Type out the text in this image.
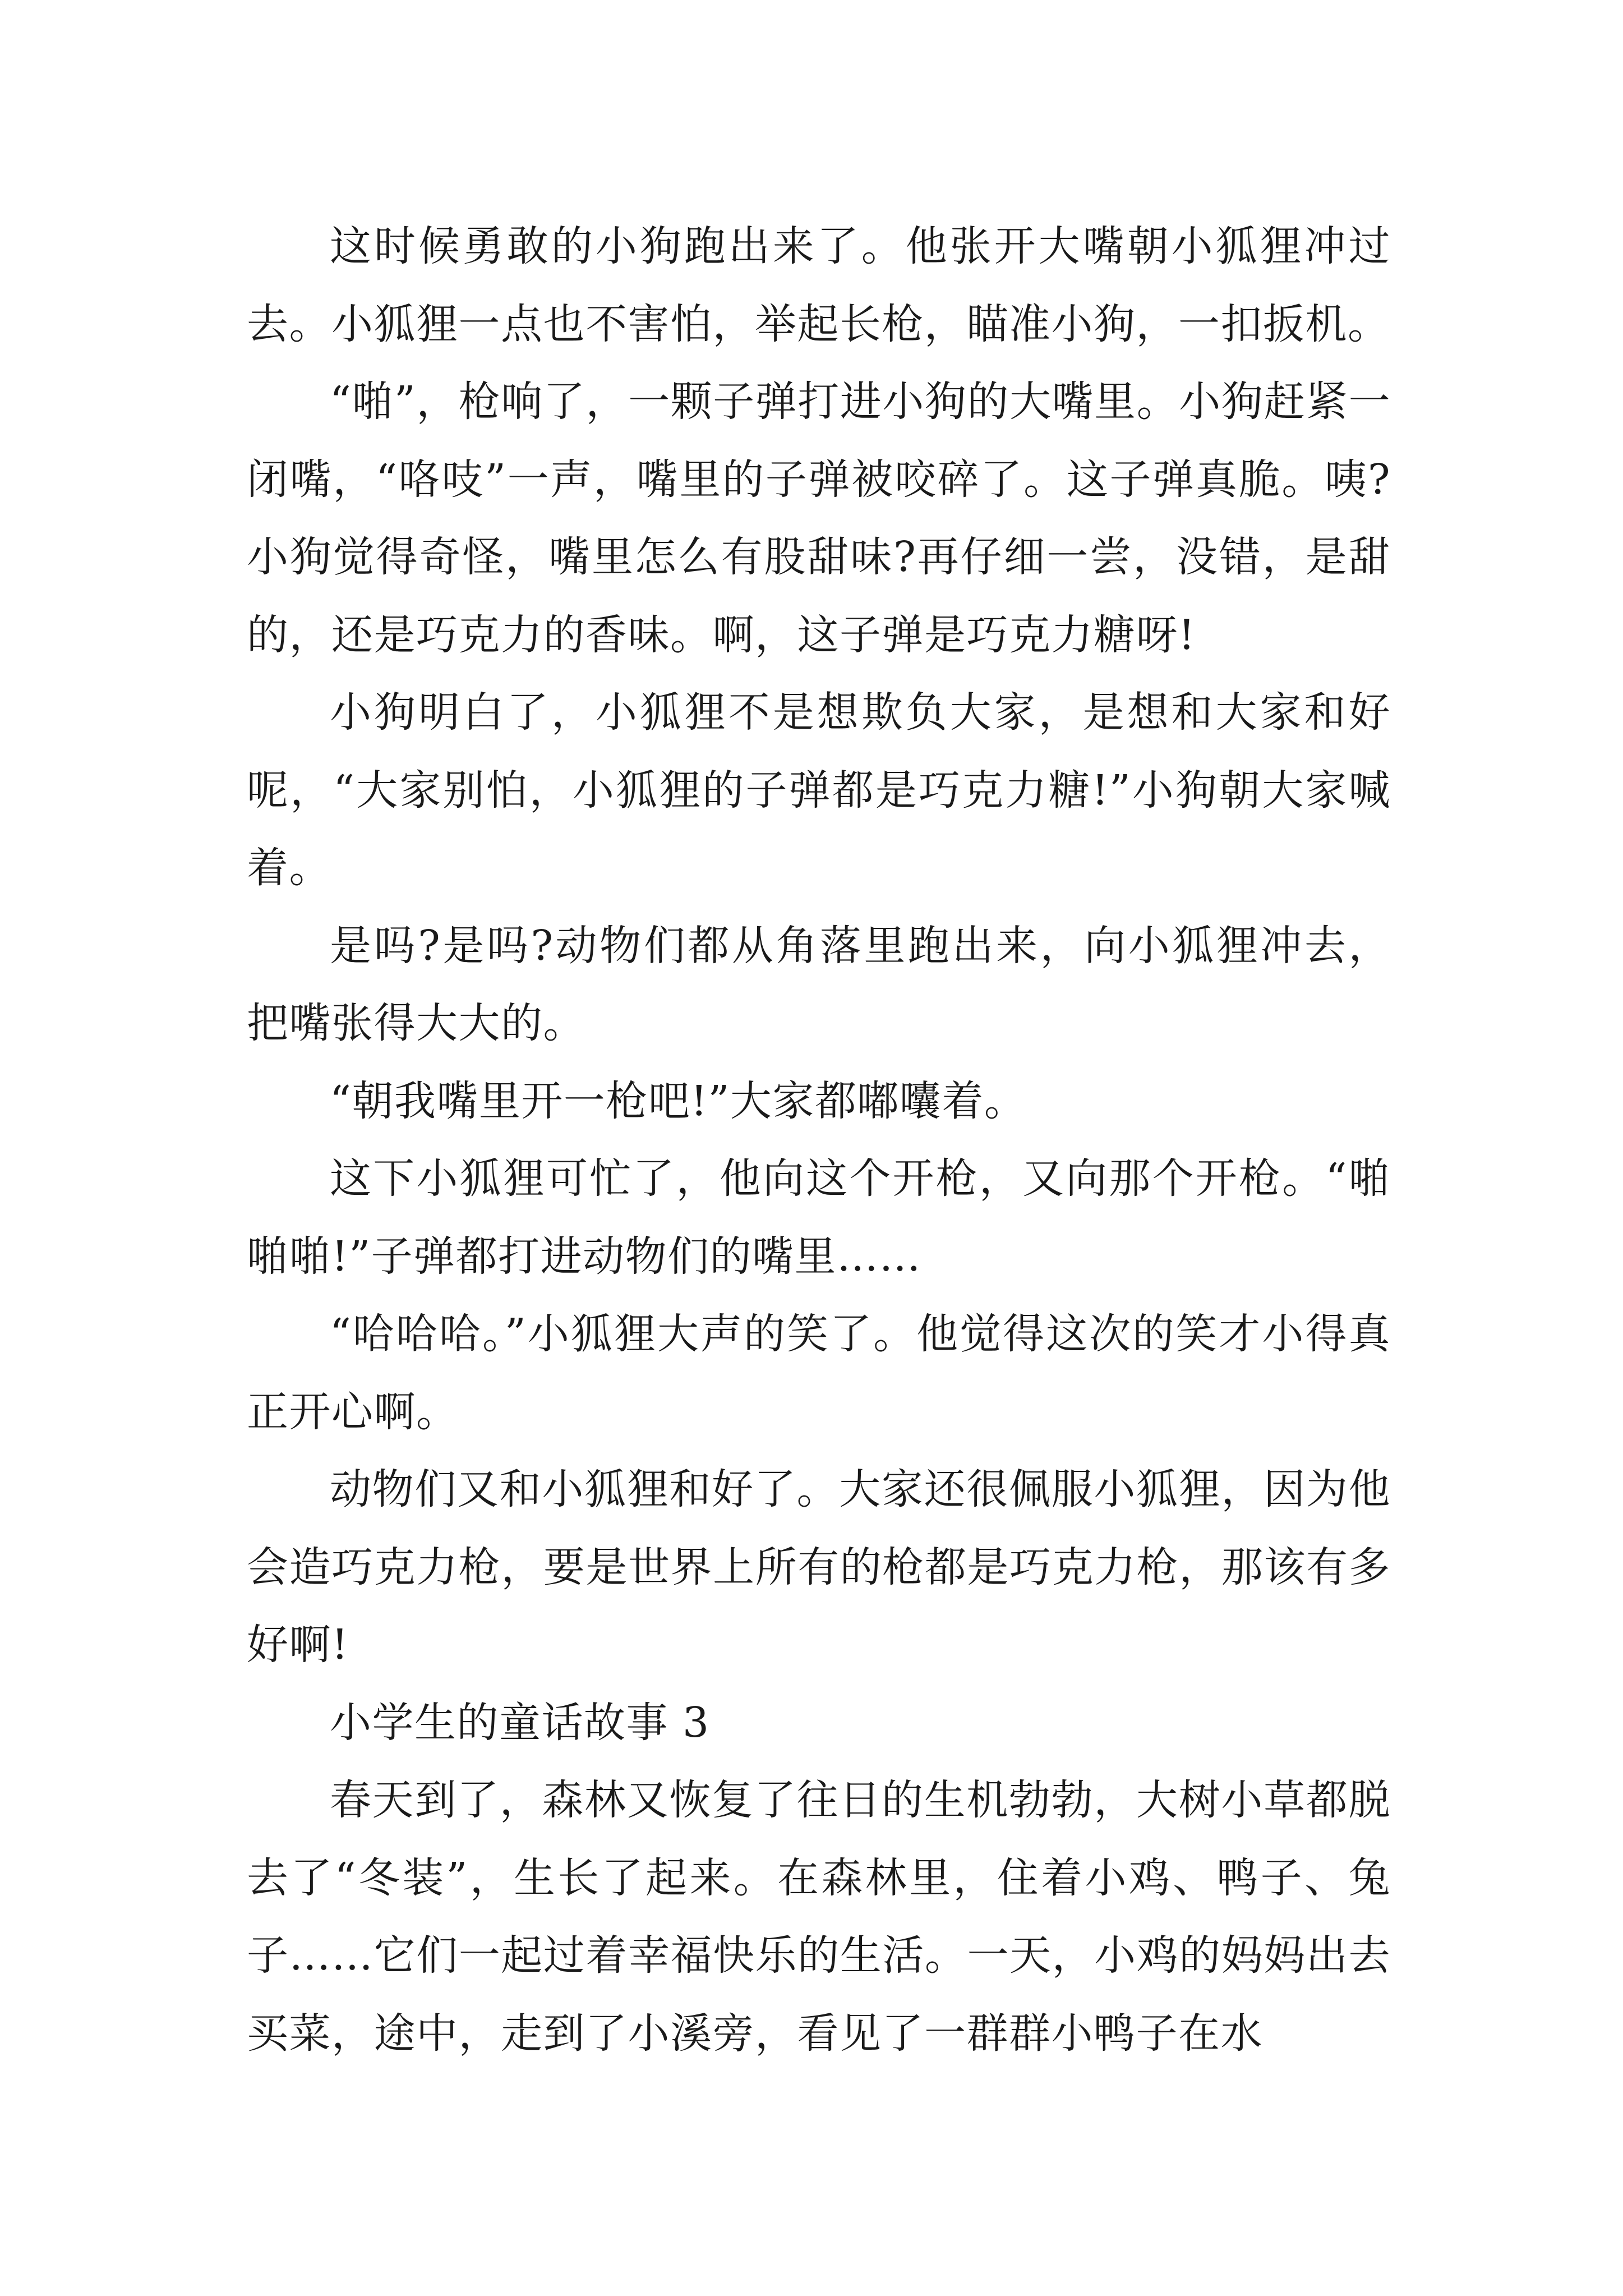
这时候勇敢的小狗跑出来了。他张开大嘴朝小狐狸冲过去。小狐狸一点也不害怕，举起长枪，瞄准小狗，一扣扳机。

“啪”，枪响了，一颗子弹打进小狗的大嘴里。小狗赶紧一闭嘴，“咯吱”一声，嘴里的子弹被咬碎了。这子弹真脆。咦?小狗觉得奇怪，嘴里怎么有股甜味?再仔细一尝，没错，是甜的，还是巧克力的香味。啊，这子弹是巧克力糖呀!

小狗明白了，小狐狸不是想欺负大家，是想和大家和好呢，“大家别怕，小狐狸的子弹都是巧克力糖!”小狗朝大家喊着。

是吗?是吗?动物们都从角落里跑出来，向小狐狸冲去，把嘴张得大大的。

“朝我嘴里开一枪吧!”大家都嘟囔着。

这下小狐狸可忙了，他向这个开枪，又向那个开枪。“啪啪啪!”子弹都打进动物们的嘴里……

“哈哈哈。”小狐狸大声的笑了。他觉得这次的笑才小得真正开心啊。

动物们又和小狐狸和好了。大家还很佩服小狐狸，因为他会造巧克力枪，要是世界上所有的枪都是巧克力枪，那该有多好啊!

小学生的童话故事 3

春天到了，森林又恢复了往日的生机勃勃，大树小草都脱去了“冬装”，生长了起来。在森林里，住着小鸡、鸭子、兔子……它们一起过着幸福快乐的生活。一天，小鸡的妈妈出去买菜，途中，走到了小溪旁，看见了一群群小鸭子在水
